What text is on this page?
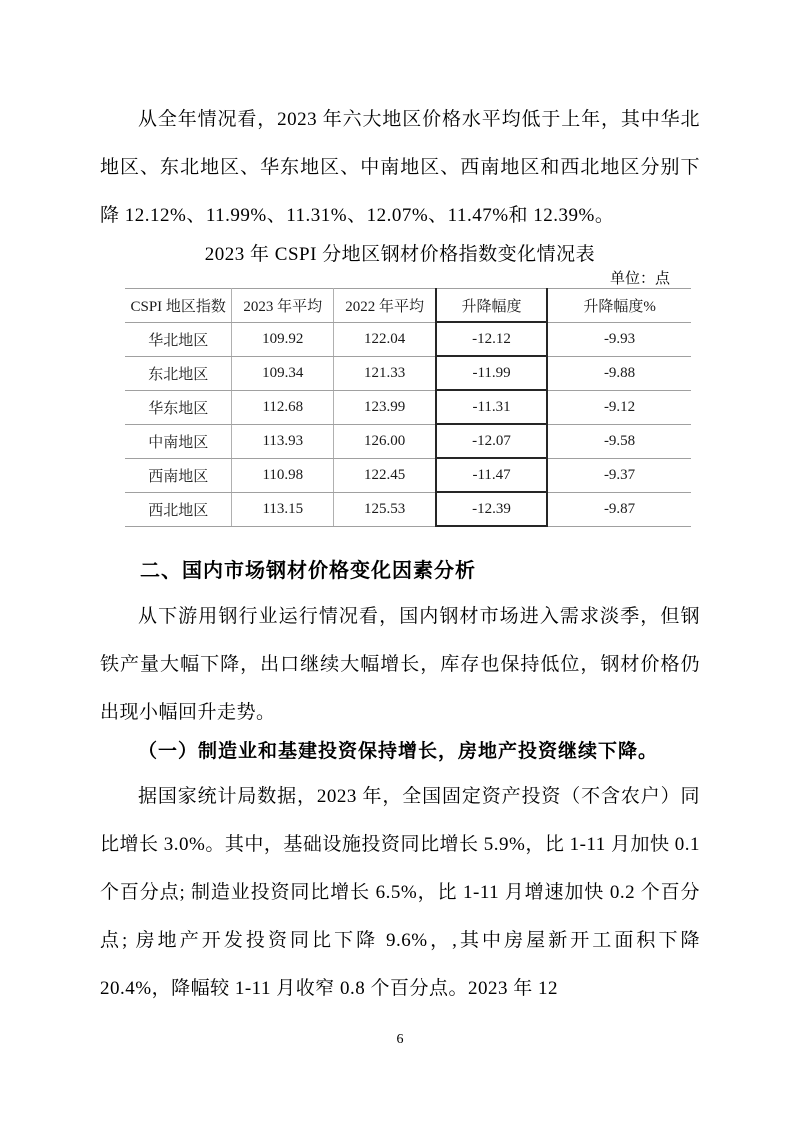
从全年情况看，2023 年六大地区价格水平均低于上年，其中华北地区、东北地区、华东地区、中南地区、西南地区和西北地区分别下降 12.12%、11.99%、11.31%、12.07%、11.47%和 12.39%。

2023 年 CSPI 分地区钢材价格指数变化情况表
单位：点
CSPI 地区指数	2023 年平均	2022 年平均	升降幅度	升降幅度%
华北地区	109.92	122.04	-12.12	-9.93
东北地区	109.34	121.33	-11.99	-9.88
华东地区	112.68	123.99	-11.31	-9.12
中南地区	113.93	126.00	-12.07	-9.58
西南地区	110.98	122.45	-11.47	-9.37
西北地区	113.15	125.53	-12.39	-9.87
二、国内市场钢材价格变化因素分析

从下游用钢行业运行情况看，国内钢材市场进入需求淡季，但钢铁产量大幅下降，出口继续大幅增长，库存也保持低位，钢材价格仍出现小幅回升走势。

（一）制造业和基建投资保持增长，房地产投资继续下降。

据国家统计局数据，2023 年，全国固定资产投资（不含农户）同比增长 3.0%。其中，基础设施投资同比增长 5.9%，比 1-11 月加快 0.1 个百分点; 制造业投资同比增长 6.5%，比 1-11 月增速加快 0.2 个百分点; 房地产开发投资同比下降 9.6%，,其中房屋新开工面积下降 20.4%，降幅较 1-11 月收窄 0.8 个百分点。2023 年 12

6
